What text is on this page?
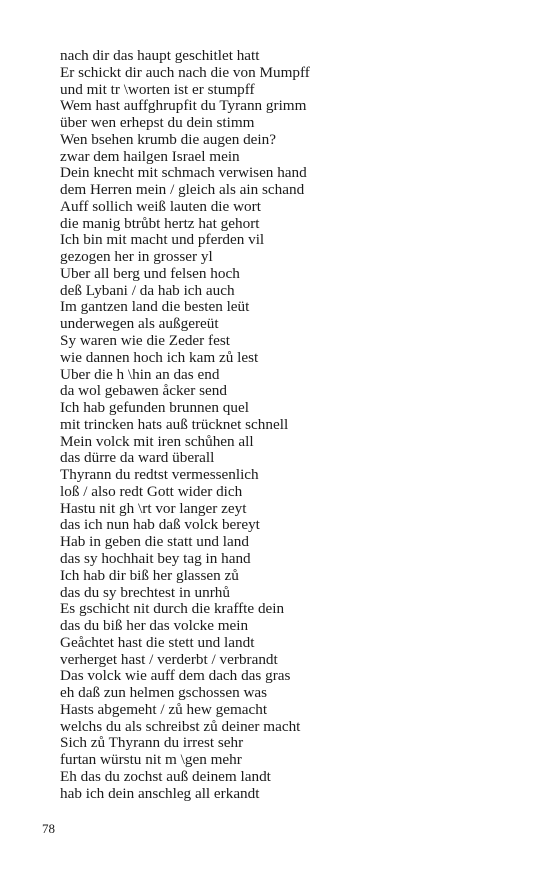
nach dir das haupt geschitlet hatt
Er schickt dir auch nach die von Mumpff
und mit tr \worten ist er stumpff
Wem hast auffghrupfit du Tyrann grimm
über wen erhepst du dein stimm
Wen bsehen krumb die augen dein?
zwar dem hailgen Israel mein
Dein knecht mit schmach verwisen hand
dem Herren mein / gleich als ain schand
Auff sollich weiß lauten die wort
die manig btrůbt hertz hat gehort
Ich bin mit macht und pferden vil
gezogen her in grosser yl
Uber all berg und felsen hoch
deß Lybani / da hab ich auch
Im gantzen land die besten leüt
underwegen als außgereüt
Sy waren wie die Zeder fest
wie dannen hoch ich kam zů lest
Uber die h \hin an das end
da wol gebawen åcker send
Ich hab gefunden brunnen quel
mit trincken hats auß trücknet schnell
Mein volck mit iren schůhen all
das dürre da ward überall
Thyrann du redtst vermessenlich
loß / also redt Gott wider dich
Hastu nit gh \rt vor langer zeyt
das ich nun hab daß volck bereyt
Hab in geben die statt und land
das sy hochhait bey tag in hand
Ich hab dir biß her glassen zů
das du sy brechtest in unrhů
Es gschicht nit durch die kraffte dein
das du biß her das volcke mein
Geåchtet hast die stett und landt
verherget hast / verderbt / verbrandt
Das volck wie auff dem dach das gras
eh daß zun helmen gschossen was
Hasts abgemeht / zů hew gemacht
welchs du als schreibst zů deiner macht
Sich zů Thyrann du irrest sehr
furtan würstu nit m \gen mehr
Eh das du zochst auß deinem landt
hab ich dein anschleg all erkandt
78
